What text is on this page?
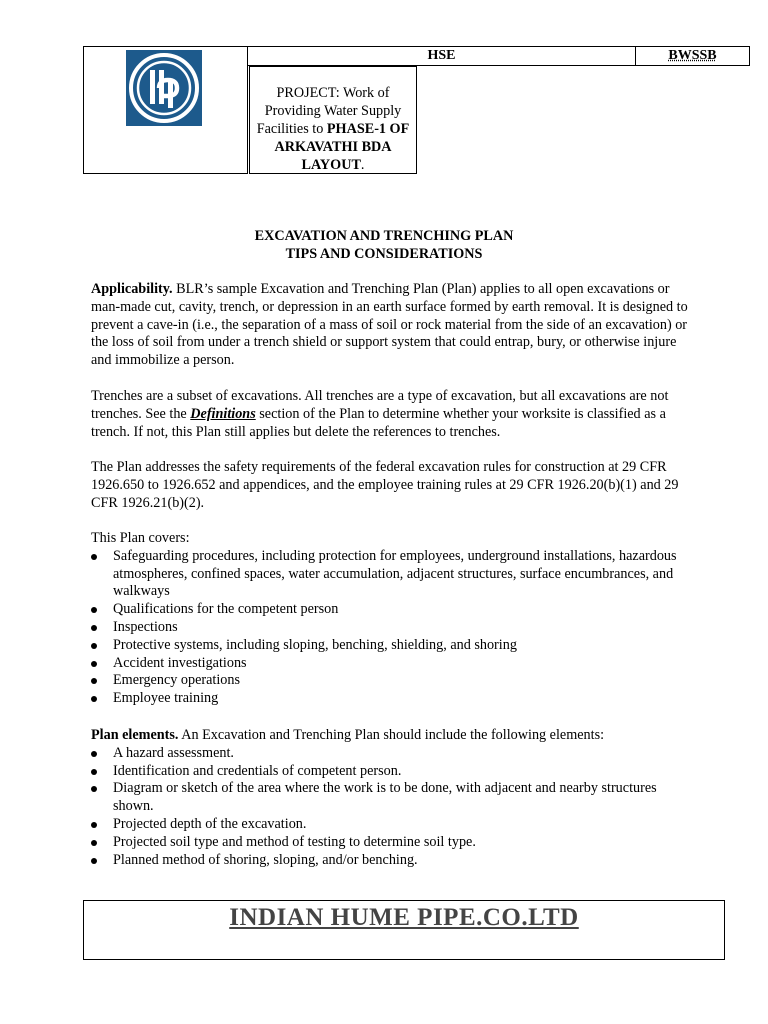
HSE	BWSSB
PROJECT: Work of Providing Water Supply Facilities to PHASE-1 OF ARKAVATHI BDA LAYOUT.
EXCAVATION AND TRENCHING PLAN
TIPS AND CONSIDERATIONS
Applicability. BLR’s sample Excavation and Trenching Plan (Plan) applies to all open excavations or man-made cut, cavity, trench, or depression in an earth surface formed by earth removal. It is designed to prevent a cave-in (i.e., the separation of a mass of soil or rock material from the side of an excavation) or the loss of soil from under a trench shield or support system that could entrap, bury, or otherwise injure and immobilize a person.
Trenches are a subset of excavations. All trenches are a type of excavation, but all excavations are not trenches. See the Definitions section of the Plan to determine whether your worksite is classified as a trench. If not, this Plan still applies but delete the references to trenches.
The Plan addresses the safety requirements of the federal excavation rules for construction at 29 CFR 1926.650 to 1926.652 and appendices, and the employee training rules at 29 CFR 1926.20(b)(1) and 29 CFR 1926.21(b)(2).
This Plan covers:
Safeguarding procedures, including protection for employees, underground installations, hazardous atmospheres, confined spaces, water accumulation, adjacent structures, surface encumbrances, and walkways
Qualifications for the competent person
Inspections
Protective systems, including sloping, benching, shielding, and shoring
Accident investigations
Emergency operations
Employee training
Plan elements. An Excavation and Trenching Plan should include the following elements:
A hazard assessment.
Identification and credentials of competent person.
Diagram or sketch of the area where the work is to be done, with adjacent and nearby structures shown.
Projected depth of the excavation.
Projected soil type and method of testing to determine soil type.
Planned method of shoring, sloping, and/or benching.
INDIAN HUME PIPE.CO.LTD
